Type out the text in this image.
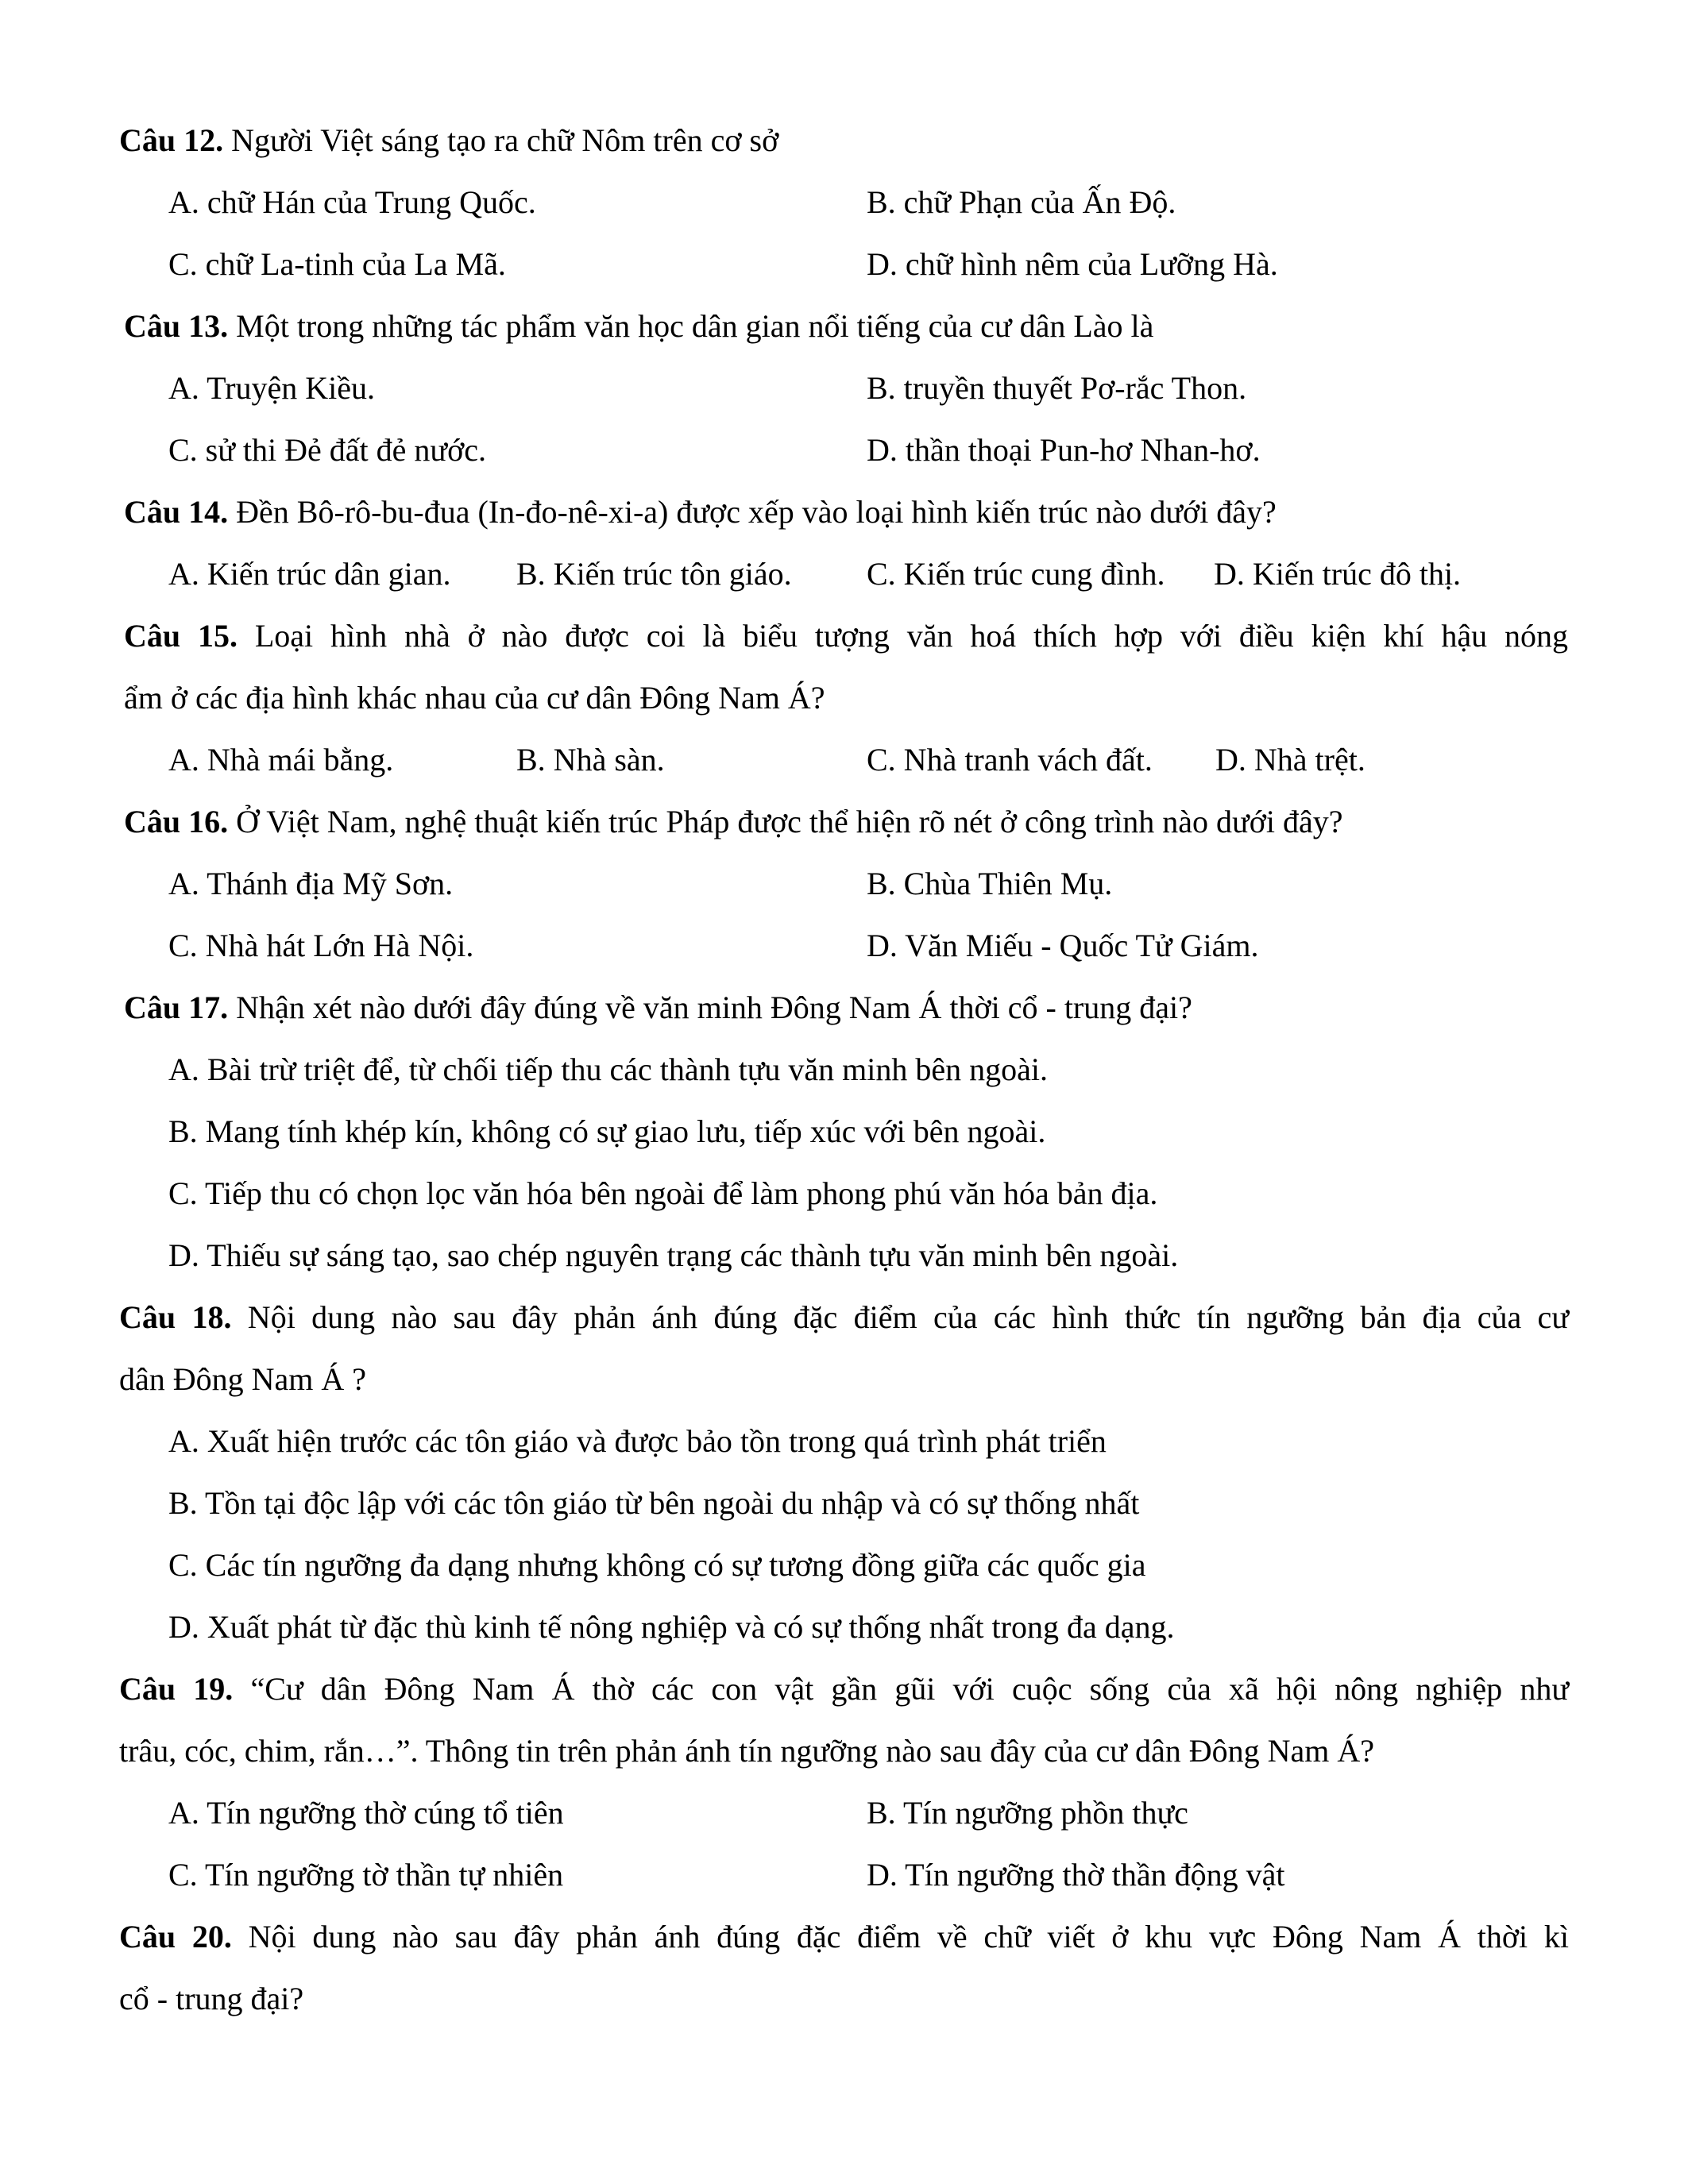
Câu 12. Người Việt sáng tạo ra chữ Nôm trên cơ sở
A. chữ Hán của Trung Quốc.	B. chữ Phạn của Ấn Độ.
C. chữ La-tinh của La Mã.	D. chữ hình nêm của Lưỡng Hà.
Câu 13. Một trong những tác phẩm văn học dân gian nổi tiếng của cư dân Lào là
A. Truyện Kiều.	B. truyền thuyết Pơ-rắc Thon.
C. sử thi Đẻ đất đẻ nước.	D. thần thoại Pun-hơ Nhan-hơ.
Câu 14. Đền Bô-rô-bu-đua (In-đo-nê-xi-a) được xếp vào loại hình kiến trúc nào dưới đây?
A. Kiến trúc dân gian. B. Kiến trúc tôn giáo. C. Kiến trúc cung đình. D. Kiến trúc đô thị.
Câu 15. Loại hình nhà ở nào được coi là biểu tượng văn hoá thích hợp với điều kiện khí hậu nóng
ẩm ở các địa hình khác nhau của cư dân Đông Nam Á?
A. Nhà mái bằng.	B. Nhà sàn.	C. Nhà tranh vách đất. D. Nhà trệt.
Câu 16. Ở Việt Nam, nghệ thuật kiến trúc Pháp được thể hiện rõ nét ở công trình nào dưới đây?
A. Thánh địa Mỹ Sơn.	B. Chùa Thiên Mụ.
C. Nhà hát Lớn Hà Nội.	D. Văn Miếu - Quốc Tử Giám.
Câu 17. Nhận xét nào dưới đây đúng về văn minh Đông Nam Á thời cổ - trung đại?
A. Bài trừ triệt để, từ chối tiếp thu các thành tựu văn minh bên ngoài.
B. Mang tính khép kín, không có sự giao lưu, tiếp xúc với bên ngoài.
C. Tiếp thu có chọn lọc văn hóa bên ngoài để làm phong phú văn hóa bản địa.
D. Thiếu sự sáng tạo, sao chép nguyên trạng các thành tựu văn minh bên ngoài.
Câu 18. Nội dung nào sau đây phản ánh đúng đặc điểm của các hình thức tín ngưỡng bản địa của cư
dân Đông Nam Á ?
A. Xuất hiện trước các tôn giáo và được bảo tồn trong quá trình phát triển
B. Tồn tại độc lập với các tôn giáo từ bên ngoài du nhập và có sự thống nhất
C. Các tín ngưỡng đa dạng nhưng không có sự tương đồng giữa các quốc gia
D. Xuất phát từ đặc thù kinh tế nông nghiệp và có sự thống nhất trong đa dạng.
Câu 19. “Cư dân Đông Nam Á thờ các con vật gần gũi với cuộc sống của xã hội nông nghiệp như
trâu, cóc, chim, rắn…”. Thông tin trên phản ánh tín ngưỡng nào sau đây của cư dân Đông Nam Á?
A. Tín ngưỡng thờ cúng tổ tiên	B. Tín ngưỡng phồn thực
C. Tín ngưỡng tờ thần tự nhiên	D. Tín ngưỡng thờ thần động vật
Câu 20. Nội dung nào sau đây phản ánh đúng đặc điểm về chữ viết ở khu vực Đông Nam Á thời kì
cổ - trung đại?
